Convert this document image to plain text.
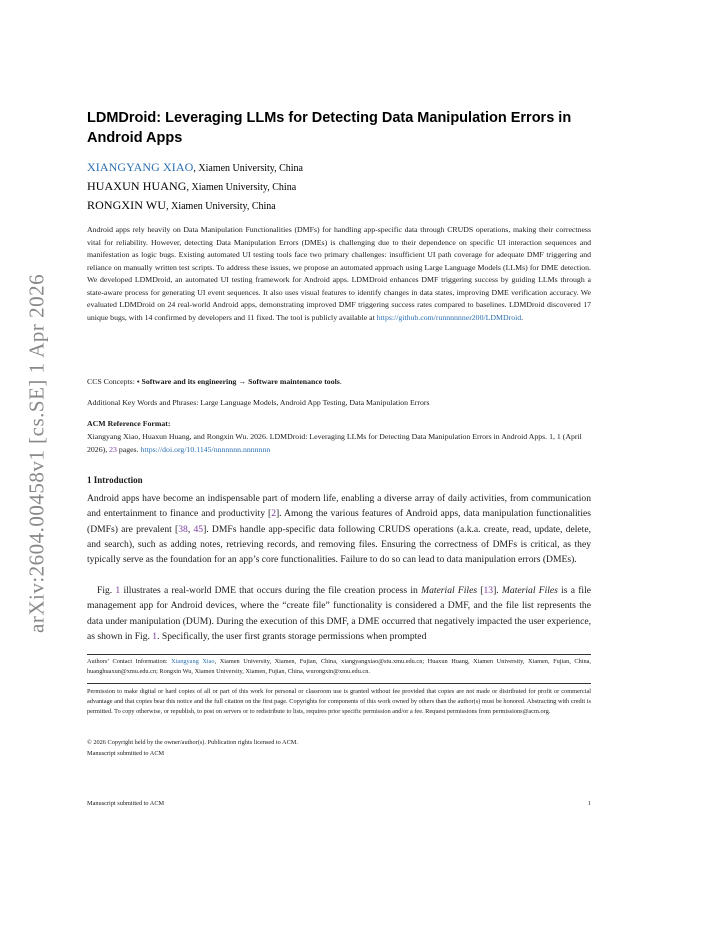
arXiv:2604.00458v1 [cs.SE] 1 Apr 2026
LDMDroid: Leveraging LLMs for Detecting Data Manipulation Errors in Android Apps
XIANGYANG XIAO, Xiamen University, China
HUAXUN HUANG, Xiamen University, China
RONGXIN WU, Xiamen University, China
Android apps rely heavily on Data Manipulation Functionalities (DMFs) for handling app-specific data through CRUDS operations, making their correctness vital for reliability. However, detecting Data Manipulation Errors (DMEs) is challenging due to their dependence on specific UI interaction sequences and manifestation as logic bugs. Existing automated UI testing tools face two primary challenges: insufficient UI path coverage for adequate DMF triggering and reliance on manually written test scripts. To address these issues, we propose an automated approach using Large Language Models (LLMs) for DME detection. We developed LDMDroid, an automated UI testing framework for Android apps. LDMDroid enhances DMF triggering success by guiding LLMs through a state-aware process for generating UI event sequences. It also uses visual features to identify changes in data states, improving DME verification accuracy. We evaluated LDMDroid on 24 real-world Android apps, demonstrating improved DMF triggering success rates compared to baselines. LDMDroid discovered 17 unique bugs, with 14 confirmed by developers and 11 fixed. The tool is publicly available at https://github.com/runnnnnner200/LDMDroid.
CCS Concepts: • Software and its engineering → Software maintenance tools.
Additional Key Words and Phrases: Large Language Models, Android App Testing, Data Manipulation Errors
ACM Reference Format:
Xiangyang Xiao, Huaxun Huang, and Rongxin Wu. 2026. LDMDroid: Leveraging LLMs for Detecting Data Manipulation Errors in Android Apps. 1, 1 (April 2026), 23 pages. https://doi.org/10.1145/nnnnnnn.nnnnnnn
1 Introduction
Android apps have become an indispensable part of modern life, enabling a diverse array of daily activities, from communication and entertainment to finance and productivity [2]. Among the various features of Android apps, data manipulation functionalities (DMFs) are prevalent [38, 45]. DMFs handle app-specific data following CRUDS operations (a.k.a. create, read, update, delete, and search), such as adding notes, retrieving records, and removing files. Ensuring the correctness of DMFs is critical, as they typically serve as the foundation for an app’s core functionalities. Failure to do so can lead to data manipulation errors (DMEs).
Fig. 1 illustrates a real-world DME that occurs during the file creation process in Material Files [13]. Material Files is a file management app for Android devices, where the “create file” functionality is considered a DMF, and the file list represents the data under manipulation (DUM). During the execution of this DMF, a DME occurred that negatively impacted the user experience, as shown in Fig. 1. Specifically, the user first grants storage permissions when prompted
Authors’ Contact Information: Xiangyang Xiao, Xiamen University, Xiamen, Fujian, China, xiangyangxiao@stu.xmu.edu.cn; Huaxun Huang, Xiamen University, Xiamen, Fujian, China, huanghuaxun@xmu.edu.cn; Rongxin Wu, Xiamen University, Xiamen, Fujian, China, wurongxin@xmu.edu.cn.
Permission to make digital or hard copies of all or part of this work for personal or classroom use is granted without fee provided that copies are not made or distributed for profit or commercial advantage and that copies bear this notice and the full citation on the first page. Copyrights for components of this work owned by others than the author(s) must be honored. Abstracting with credit is permitted. To copy otherwise, or republish, to post on servers or to redistribute to lists, requires prior specific permission and/or a fee. Request permissions from permissions@acm.org.
© 2026 Copyright held by the owner/author(s). Publication rights licensed to ACM.
Manuscript submitted to ACM
Manuscript submitted to ACM	1
